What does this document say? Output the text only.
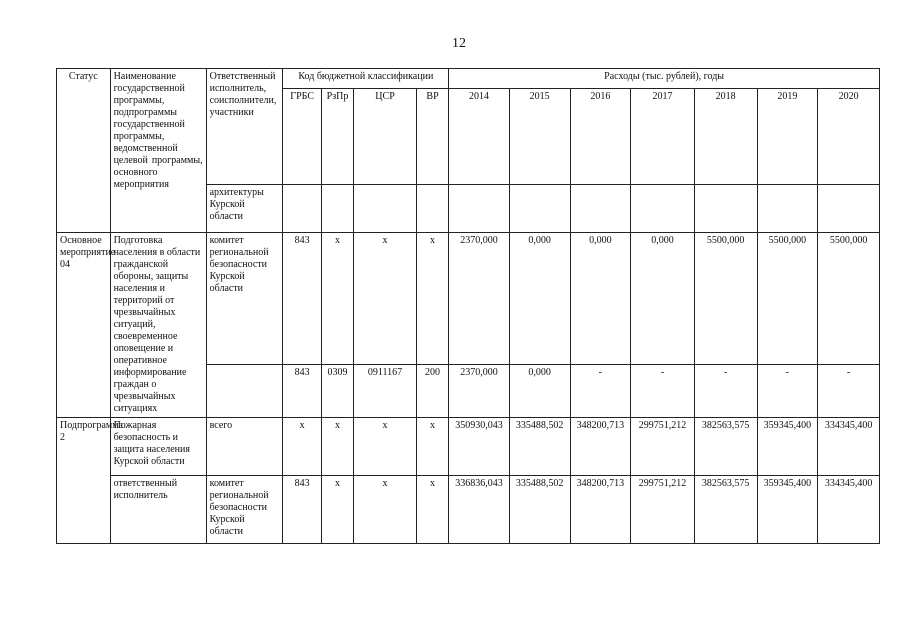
12
Статус	Наименование государственной программы, подпрограммы государственной программы, ведомственной целевой программы, основного мероприятия	Ответственный исполнитель, соисполнители, участники	Код бюджетной классификации				Расходы (тыс. рублей), годы						
			ГРБС	РзПр	ЦСР	ВР	2014	2015	2016	2017	2018	2019	2020
		архитектуры Курской области											
Основное мероприятие 04	Подготовка населения в области гражданской обороны, защиты населения и территорий от чрезвычайных ситуаций, своевременное оповещение и оперативное информирование граждан о чрезвычайных ситуациях	комитет региональной безопасности Курской области	843	х	х	х	2370,000	0,000	0,000	0,000	5500,000	5500,000	5500,000
			843	0309	0911167	200	2370,000	0,000	-	-	-	-	-
Подпрограмма 2	Пожарная безопасность и защита населения Курской области	всего	х	х	х	х	350930,043	335488,502	348200,713	299751,212	382563,575	359345,400	334345,400
	ответственный исполнитель	комитет региональной безопасности Курской области	843	х	х	х	336836,043	335488,502	348200,713	299751,212	382563,575	359345,400	334345,400
